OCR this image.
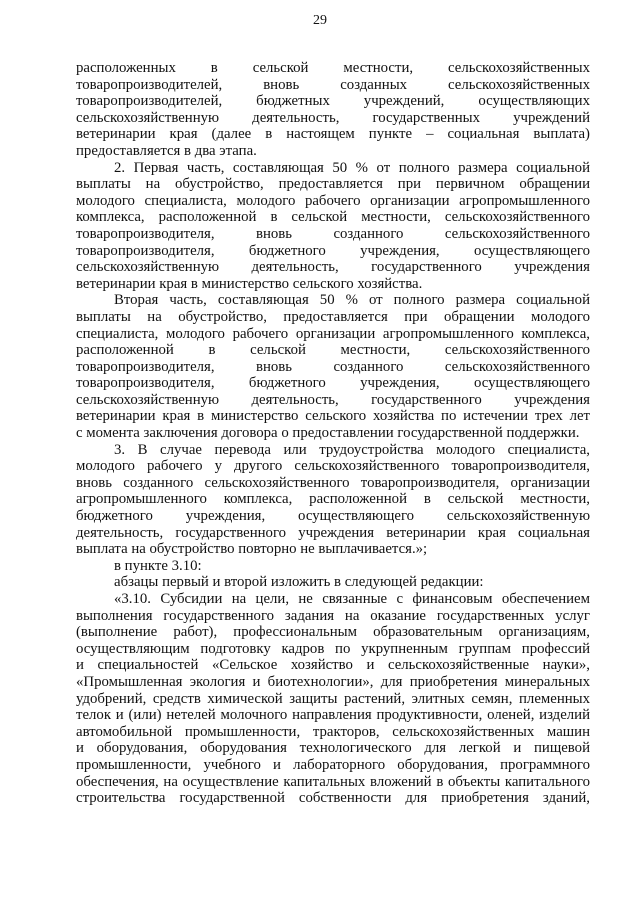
29
расположенных в сельской местности, сельскохозяйственных
товаропроизводителей, вновь созданных сельскохозяйственных
товаропроизводителей, бюджетных учреждений, осуществляющих
сельскохозяйственную деятельность, государственных учреждений
ветеринарии края (далее в настоящем пункте – социальная выплата)
предоставляется в два этапа.
2. Первая часть, составляющая 50 % от полного размера социальной
выплаты на обустройство, предоставляется при первичном обращении
молодого специалиста, молодого рабочего организации агропромышленного
комплекса, расположенной в сельской местности, сельскохозяйственного
товаропроизводителя, вновь созданного сельскохозяйственного
товаропроизводителя, бюджетного учреждения, осуществляющего
сельскохозяйственную деятельность, государственного учреждения
ветеринарии края в министерство сельского хозяйства.
Вторая часть, составляющая 50 % от полного размера социальной
выплаты на обустройство, предоставляется при обращении молодого
специалиста, молодого рабочего организации агропромышленного комплекса,
расположенной в сельской местности, сельскохозяйственного
товаропроизводителя, вновь созданного сельскохозяйственного
товаропроизводителя, бюджетного учреждения, осуществляющего
сельскохозяйственную деятельность, государственного учреждения
ветеринарии края в министерство сельского хозяйства по истечении трех лет
с момента заключения договора о предоставлении государственной поддержки.
3. В случае перевода или трудоустройства молодого специалиста,
молодого рабочего у другого сельскохозяйственного товаропроизводителя,
вновь созданного сельскохозяйственного товаропроизводителя, организации
агропромышленного комплекса, расположенной в сельской местности,
бюджетного учреждения, осуществляющего сельскохозяйственную
деятельность, государственного учреждения ветеринарии края социальная
выплата на обустройство повторно не выплачивается.»;
в пункте 3.10:
абзацы первый и второй изложить в следующей редакции:
«3.10. Субсидии на цели, не связанные с финансовым обеспечением
выполнения государственного задания на оказание государственных услуг
(выполнение работ), профессиональным образовательным организациям,
осуществляющим подготовку кадров по укрупненным группам профессий
и специальностей «Сельское хозяйство и сельскохозяйственные науки»,
«Промышленная экология и биотехнологии», для приобретения минеральных
удобрений, средств химической защиты растений, элитных семян, племенных
телок и (или) нетелей молочного направления продуктивности, оленей, изделий
автомобильной промышленности, тракторов, сельскохозяйственных машин
и оборудования, оборудования технологического для легкой и пищевой
промышленности, учебного и лабораторного оборудования, программного
обеспечения, на осуществление капитальных вложений в объекты капитального
строительства государственной собственности для приобретения зданий,
